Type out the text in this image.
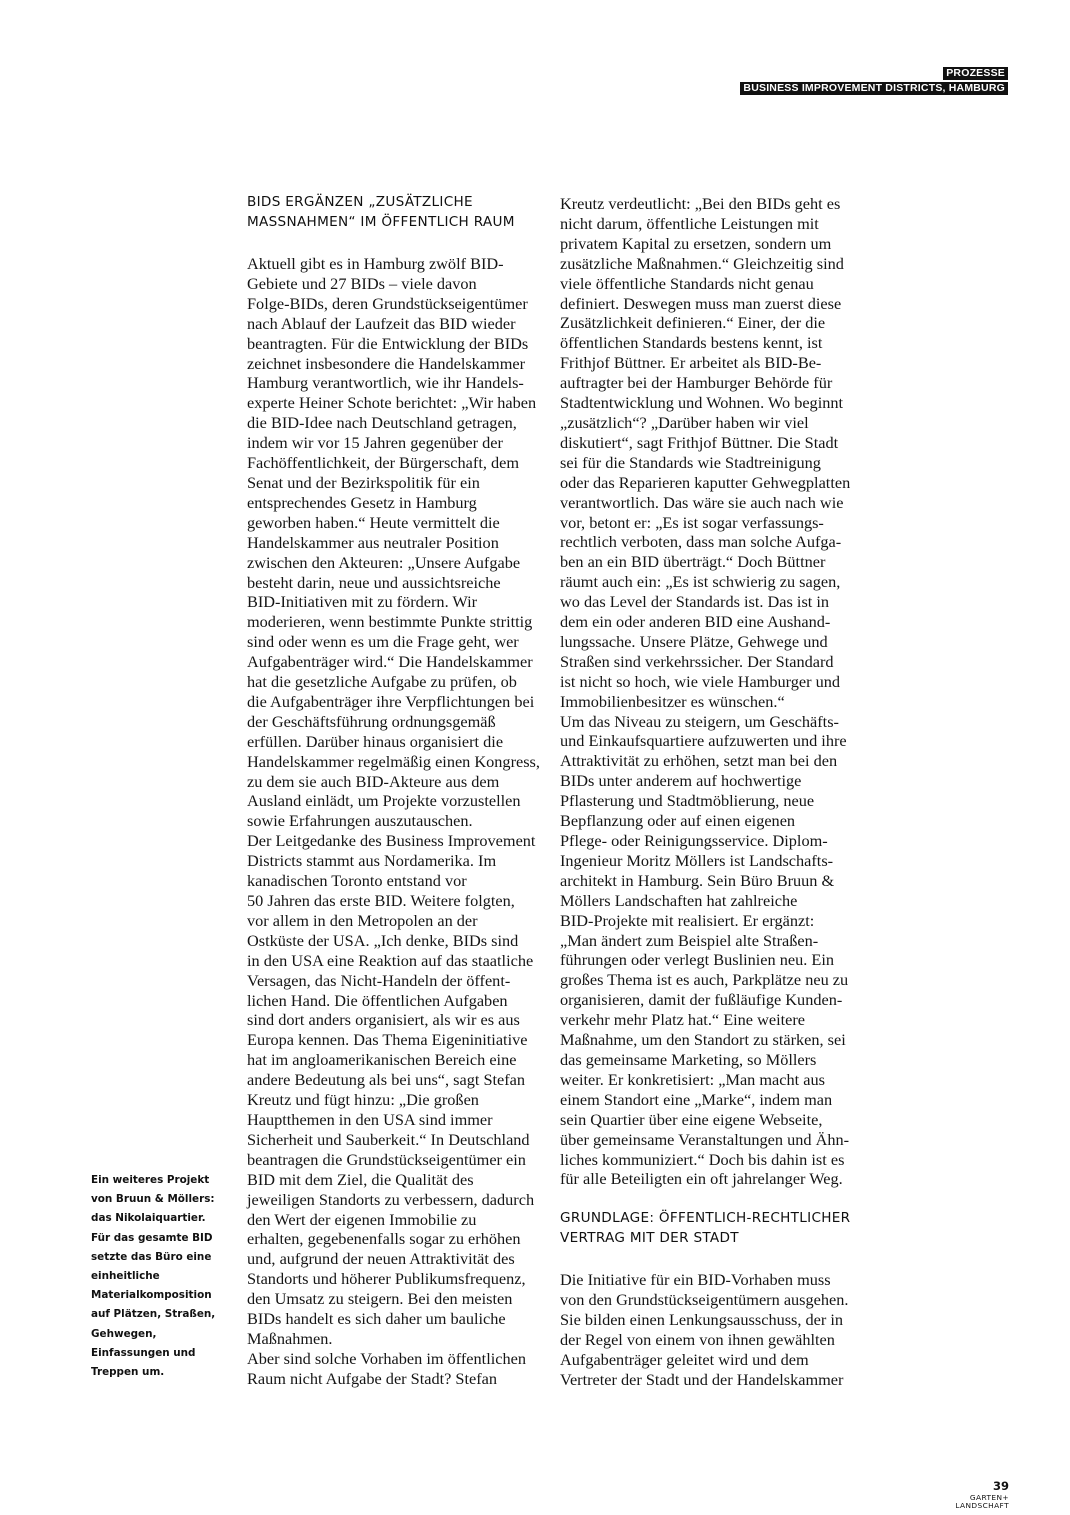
PROZESSE
BUSINESS IMPROVEMENT DISTRICTS, HAMBURG
Ein weiteres Projekt
von Bruun & Möllers:
das Nikolaiquartier.
Für das gesamte BID
setzte das Büro eine
einheitliche
Materialkomposition
auf Plätzen, Straßen,
Gehwegen,
Einfassungen und
Treppen um.
BIDS ERGÄNZEN „ZUSÄTZLICHE
MASSNAHMEN“ IM ÖFFENTLICH RAUM

Aktuell gibt es in Hamburg zwölf BID-
Gebiete und 27 BIDs – viele davon
Folge-BIDs, deren Grundstückseigentümer
nach Ablauf der Laufzeit das BID wieder
beantragten. Für die Entwicklung der BIDs
zeichnet insbesondere die Handelskammer
Hamburg verantwortlich, wie ihr Handels-
experte Heiner Schote berichtet: „Wir haben
die BID-Idee nach Deutschland getragen,
indem wir vor 15 Jahren gegenüber der
Fachöffentlichkeit, der Bürgerschaft, dem
Senat und der Bezirkspolitik für ein
entsprechendes Gesetz in Hamburg
geworben haben.“ Heute vermittelt die
Handelskammer aus neutraler Position
zwischen den Akteuren: „Unsere Aufgabe
besteht darin, neue und aussichtsreiche
BID-Initiativen mit zu fördern. Wir
moderieren, wenn bestimmte Punkte strittig
sind oder wenn es um die Frage geht, wer
Aufgabenträger wird.“ Die Handelskammer
hat die gesetzliche Aufgabe zu prüfen, ob
die Aufgabenträger ihre Verpflichtungen bei
der Geschäftsführung ordnungsgemäß
erfüllen. Darüber hinaus organisiert die
Handelskammer regelmäßig einen Kongress,
zu dem sie auch BID-Akteure aus dem
Ausland einlädt, um Projekte vorzustellen
sowie Erfahrungen auszutauschen.
Der Leitgedanke des Business Improvement
Districts stammt aus Nordamerika. Im
kanadischen Toronto entstand vor
50 Jahren das erste BID. Weitere folgten,
vor allem in den Metropolen an der
Ostküste der USA. „Ich denke, BIDs sind
in den USA eine Reaktion auf das staatliche
Versagen, das Nicht-Handeln der öffent-
lichen Hand. Die öffentlichen Aufgaben
sind dort anders organisiert, als wir es aus
Europa kennen. Das Thema Eigeninitiative
hat im angloamerikanischen Bereich eine
andere Bedeutung als bei uns“, sagt Stefan
Kreutz und fügt hinzu: „Die großen
Hauptthemen in den USA sind immer
Sicherheit und Sauberkeit.“ In Deutschland
beantragen die Grundstückseigentümer ein
BID mit dem Ziel, die Qualität des
jeweiligen Standorts zu verbessern, dadurch
den Wert der eigenen Immobilie zu
erhalten, gegebenenfalls sogar zu erhöhen
und, aufgrund der neuen Attraktivität des
Standorts und höherer Publikumsfrequenz,
den Umsatz zu steigern. Bei den meisten
BIDs handelt es sich daher um bauliche
Maßnahmen.
Aber sind solche Vorhaben im öffentlichen
Raum nicht Aufgabe der Stadt? Stefan

Kreutz verdeutlicht: „Bei den BIDs geht es
nicht darum, öffentliche Leistungen mit
privatem Kapital zu ersetzen, sondern um
zusätzliche Maßnahmen.“ Gleichzeitig sind
viele öffentliche Standards nicht genau
definiert. Deswegen muss man zuerst diese
Zusätzlichkeit definieren.“ Einer, der die
öffentlichen Standards bestens kennt, ist
Frithjof Büttner. Er arbeitet als BID-Be-
auftragter bei der Hamburger Behörde für
Stadtentwicklung und Wohnen. Wo beginnt
„zusätzlich“? „Darüber haben wir viel
diskutiert“, sagt Frithjof Büttner. Die Stadt
sei für die Standards wie Stadtreinigung
oder das Reparieren kaputter Gehwegplatten
verantwortlich. Das wäre sie auch nach wie
vor, betont er: „Es ist sogar verfassungs-
rechtlich verboten, dass man solche Aufga-
ben an ein BID überträgt.“ Doch Büttner
räumt auch ein: „Es ist schwierig zu sagen,
wo das Level der Standards ist. Das ist in
dem ein oder anderen BID eine Aushand-
lungssache. Unsere Plätze, Gehwege und
Straßen sind verkehrssicher. Der Standard
ist nicht so hoch, wie viele Hamburger und
Immobilienbesitzer es wünschen.“
Um das Niveau zu steigern, um Geschäfts-
und Einkaufsquartiere aufzuwerten und ihre
Attraktivität zu erhöhen, setzt man bei den
BIDs unter anderem auf hochwertige
Pflasterung und Stadtmöblierung, neue
Bepflanzung oder auf einen eigenen
Pflege- oder Reinigungsservice. Diplom-
Ingenieur Moritz Möllers ist Landschafts-
architekt in Hamburg. Sein Büro Bruun &
Möllers Landschaften hat zahlreiche
BID-Projekte mit realisiert. Er ergänzt:
„Man ändert zum Beispiel alte Straßen-
führungen oder verlegt Buslinien neu. Ein
großes Thema ist es auch, Parkplätze neu zu
organisieren, damit der fußläufige Kunden-
verkehr mehr Platz hat.“ Eine weitere
Maßnahme, um den Standort zu stärken, sei
das gemeinsame Marketing, so Möllers
weiter. Er konkretisiert: „Man macht aus
einem Standort eine „Marke“, indem man
sein Quartier über eine eigene Webseite,
über gemeinsame Veranstaltungen und Ähn-
liches kommuniziert.“ Doch bis dahin ist es
für alle Beteiligten ein oft jahrelanger Weg.

GRUNDLAGE: ÖFFENTLICH-RECHTLICHER
VERTRAG MIT DER STADT

Die Initiative für ein BID-Vorhaben muss
von den Grundstückseigentümern ausgehen.
Sie bilden einen Lenkungsausschuss, der in
der Regel von einem von ihnen gewählten
Aufgabenträger geleitet wird und dem
Vertreter der Stadt und der Handelskammer

39
GARTEN+
LANDSCHAFT
